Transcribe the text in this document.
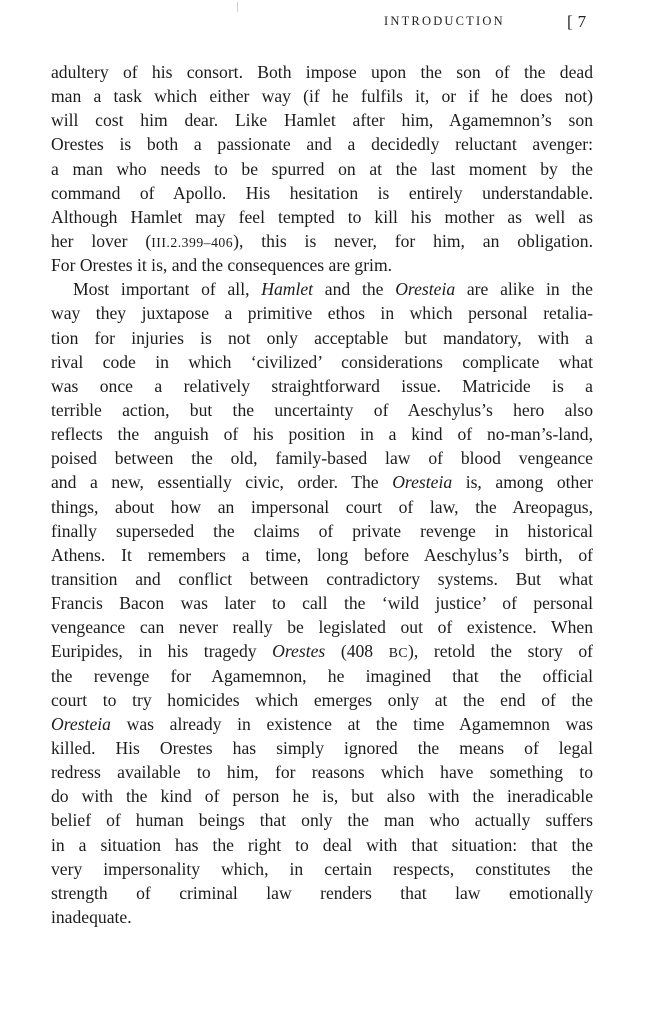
INTRODUCTION	[ 7
adultery of his consort. Both impose upon the son of the dead
man a task which either way (if he fulfils it, or if he does not)
will cost him dear. Like Hamlet after him, Agamemnon’s son
Orestes is both a passionate and a decidedly reluctant avenger:
a man who needs to be spurred on at the last moment by the
command of Apollo. His hesitation is entirely understandable.
Although Hamlet may feel tempted to kill his mother as well as
her lover (III.2.399–406), this is never, for him, an obligation.
For Orestes it is, and the consequences are grim.
Most important of all, Hamlet and the Oresteia are alike in the
way they juxtapose a primitive ethos in which personal retalia-
tion for injuries is not only acceptable but mandatory, with a
rival code in which ‘civilized’ considerations complicate what
was once a relatively straightforward issue. Matricide is a
terrible action, but the uncertainty of Aeschylus’s hero also
reflects the anguish of his position in a kind of no-man’s-land,
poised between the old, family-based law of blood vengeance
and a new, essentially civic, order. The Oresteia is, among other
things, about how an impersonal court of law, the Areopagus,
finally superseded the claims of private revenge in historical
Athens. It remembers a time, long before Aeschylus’s birth, of
transition and conflict between contradictory systems. But what
Francis Bacon was later to call the ‘wild justice’ of personal
vengeance can never really be legislated out of existence. When
Euripides, in his tragedy Orestes (408 BC), retold the story of
the revenge for Agamemnon, he imagined that the official
court to try homicides which emerges only at the end of the
Oresteia was already in existence at the time Agamemnon was
killed. His Orestes has simply ignored the means of legal
redress available to him, for reasons which have something to
do with the kind of person he is, but also with the ineradicable
belief of human beings that only the man who actually suffers
in a situation has the right to deal with that situation: that the
very impersonality which, in certain respects, constitutes the
strength of criminal law renders that law emotionally
inadequate.
